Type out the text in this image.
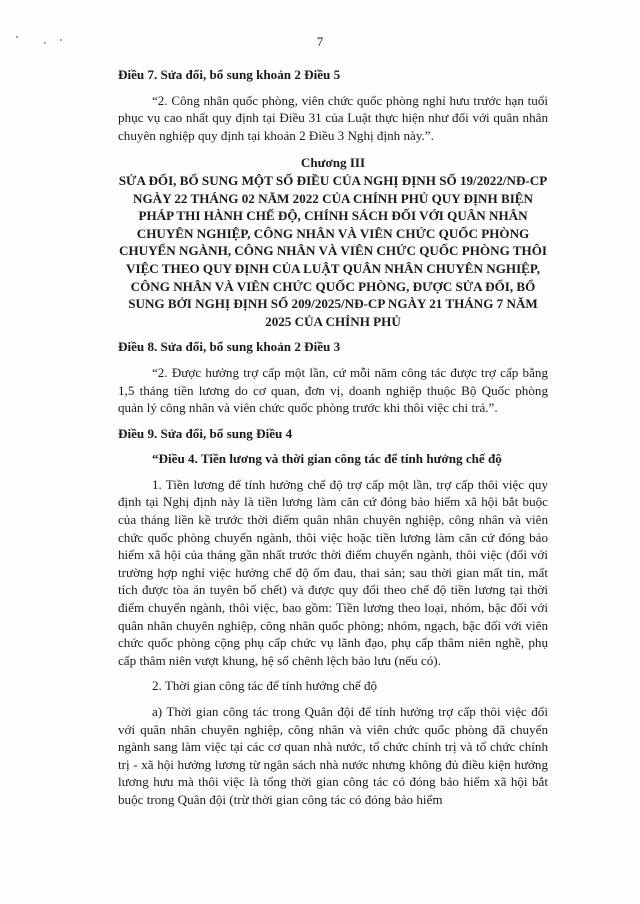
7

Điều 7. Sửa đổi, bổ sung khoản 2 Điều 5

“2. Công nhân quốc phòng, viên chức quốc phòng nghỉ hưu trước hạn tuổi phục vụ cao nhất quy định tại Điều 31 của Luật thực hiện như đối với quân nhân chuyên nghiệp quy định tại khoản 2 Điều 3 Nghị định này.”.

Chương III

SỬA ĐỔI, BỔ SUNG MỘT SỐ ĐIỀU CỦA NGHỊ ĐỊNH SỐ 19/2022/NĐ-CP NGÀY 22 THÁNG 02 NĂM 2022 CỦA CHÍNH PHỦ QUY ĐỊNH BIỆN PHÁP THI HÀNH CHẾ ĐỘ, CHÍNH SÁCH ĐỐI VỚI QUÂN NHÂN CHUYÊN NGHIỆP, CÔNG NHÂN VÀ VIÊN CHỨC QUỐC PHÒNG CHUYỂN NGÀNH, CÔNG NHÂN VÀ VIÊN CHỨC QUỐC PHÒNG THÔI VIỆC THEO QUY ĐỊNH CỦA LUẬT QUÂN NHÂN CHUYÊN NGHIỆP, CÔNG NHÂN VÀ VIÊN CHỨC QUỐC PHÒNG, ĐƯỢC SỬA ĐỔI, BỔ SUNG BỞI NGHỊ ĐỊNH SỐ 209/2025/NĐ-CP NGÀY 21 THÁNG 7 NĂM 2025 CỦA CHÍNH PHỦ

Điều 8. Sửa đổi, bổ sung khoản 2 Điều 3

“2. Được hưởng trợ cấp một lần, cứ mỗi năm công tác được trợ cấp bằng 1,5 tháng tiền lương do cơ quan, đơn vị, doanh nghiệp thuộc Bộ Quốc phòng quản lý công nhân và viên chức quốc phòng trước khi thôi việc chi trả.”.

Điều 9. Sửa đổi, bổ sung Điều 4

“Điều 4. Tiền lương và thời gian công tác để tính hưởng chế độ

1. Tiền lương để tính hưởng chế độ trợ cấp một lần, trợ cấp thôi việc quy định tại Nghị định này là tiền lương làm căn cứ đóng bảo hiểm xã hội bắt buộc của tháng liền kề trước thời điểm quân nhân chuyên nghiệp, công nhân và viên chức quốc phòng chuyển ngành, thôi việc hoặc tiền lương làm căn cứ đóng bảo hiểm xã hội của tháng gần nhất trước thời điểm chuyển ngành, thôi việc (đối với trường hợp nghỉ việc hưởng chế độ ốm đau, thai sản; sau thời gian mất tin, mất tích được tòa án tuyên bố chết) và được quy đổi theo chế độ tiền lương tại thời điểm chuyển ngành, thôi việc, bao gồm: Tiền lương theo loại, nhóm, bậc đối với quân nhân chuyên nghiệp, công nhân quốc phòng; nhóm, ngạch, bậc đối với viên chức quốc phòng cộng phụ cấp chức vụ lãnh đạo, phụ cấp thâm niên nghề, phụ cấp thâm niên vượt khung, hệ số chênh lệch bảo lưu (nếu có).

2. Thời gian công tác để tính hưởng chế độ

a) Thời gian công tác trong Quân đội để tính hưởng trợ cấp thôi việc đối với quân nhân chuyên nghiệp, công nhân và viên chức quốc phòng đã chuyển ngành sang làm việc tại các cơ quan nhà nước, tổ chức chính trị và tổ chức chính trị - xã hội hưởng lương từ ngân sách nhà nước nhưng không đủ điều kiện hưởng lương hưu mà thôi việc là tổng thời gian công tác có đóng bảo hiểm xã hội bắt buộc trong Quân đội (trừ thời gian công tác có đóng bảo hiểm
